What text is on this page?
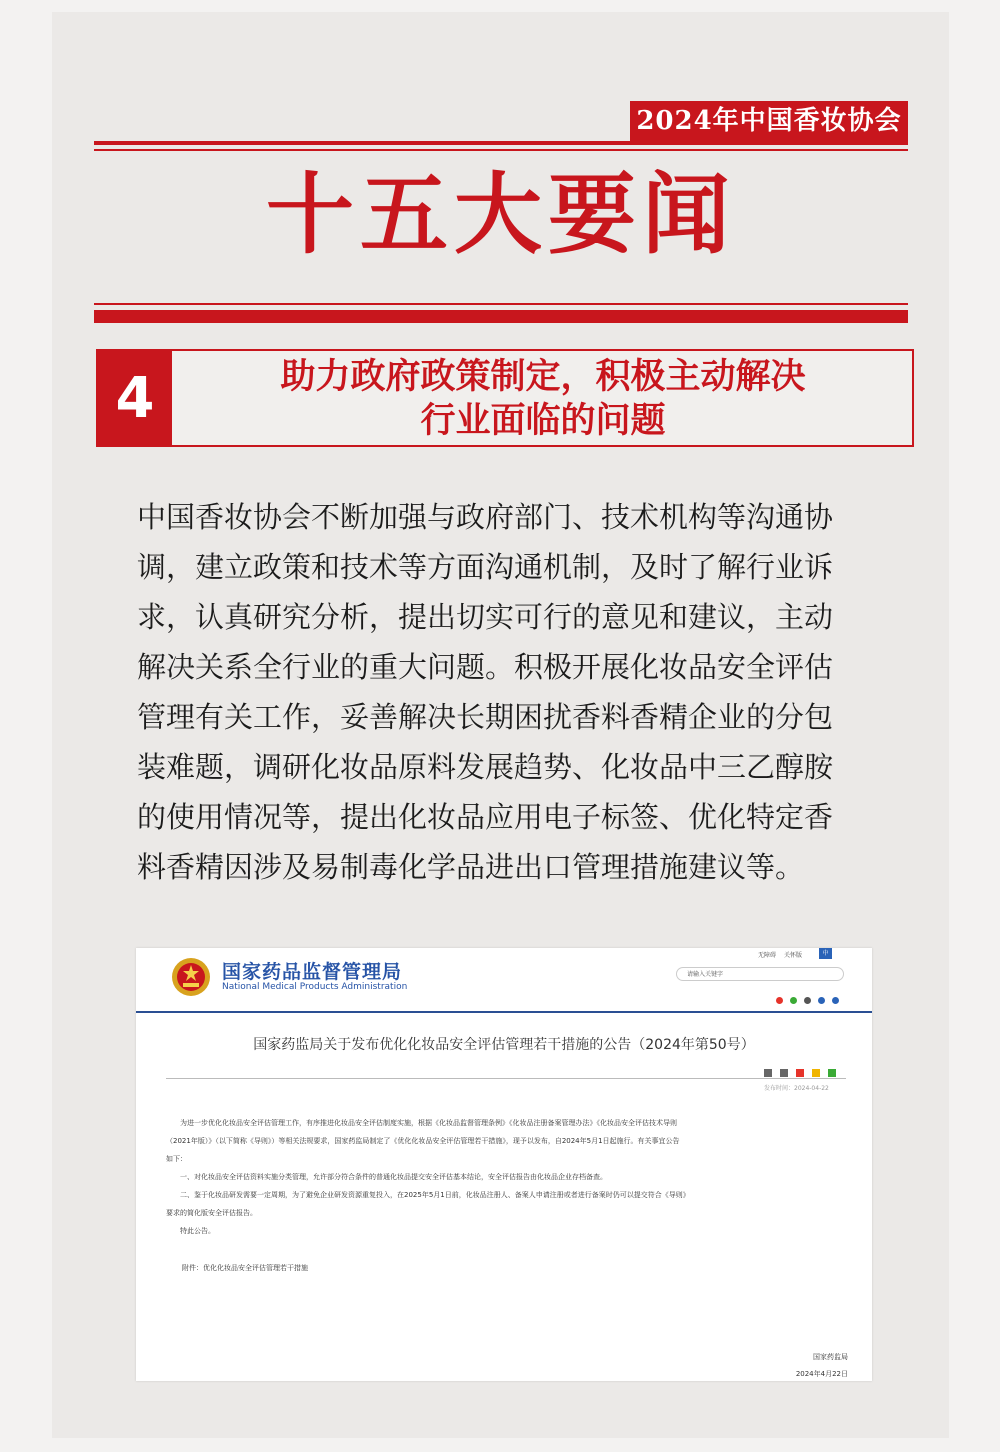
2024年中国香妆协会
十五大要闻
4	助力政府政策制定，积极主动解决
行业面临的问题
中国香妆协会不断加强与政府部门、技术机构等沟通协
调，建立政策和技术等方面沟通机制，及时了解行业诉
求，认真研究分析，提出切实可行的意见和建议，主动
解决关系全行业的重大问题。积极开展化妆品安全评估
管理有关工作，妥善解决长期困扰香料香精企业的分包
装难题，调研化妆品原料发展趋势、化妆品中三乙醇胺
的使用情况等，提出化妆品应用电子标签、优化特定香
料香精因涉及易制毒化学品进出口管理措施建议等。
国家药品监督管理局
National Medical Products Administration
无障碍 关怀版	中
请输入关键字

国家药监局关于发布优化化妆品安全评估管理若干措施的公告（2024年第50号）

发布时间：2024-04-22

为进一步优化化妆品安全评估管理工作，有序推进化妆品安全评估制度实施，根据《化妆品监督管理条例》《化妆品注册备案管理办法》《化妆品安全评估技术导则

（2021年版）》（以下简称《导则》）等相关法规要求，国家药监局制定了《优化化妆品安全评估管理若干措施》，现予以发布，自2024年5月1日起施行。有关事宜公告

如下：

一、对化妆品安全评估资料实施分类管理，允许部分符合条件的普通化妆品提交安全评估基本结论，安全评估报告由化妆品企业存档备查。

二、鉴于化妆品研发需要一定周期，为了避免企业研发资源重复投入，在2025年5月1日前，化妆品注册人、备案人申请注册或者进行备案时仍可以提交符合《导则》

要求的简化版安全评估报告。

特此公告。

附件：优化化妆品安全评估管理若干措施
国家药监局
2024年4月22日
